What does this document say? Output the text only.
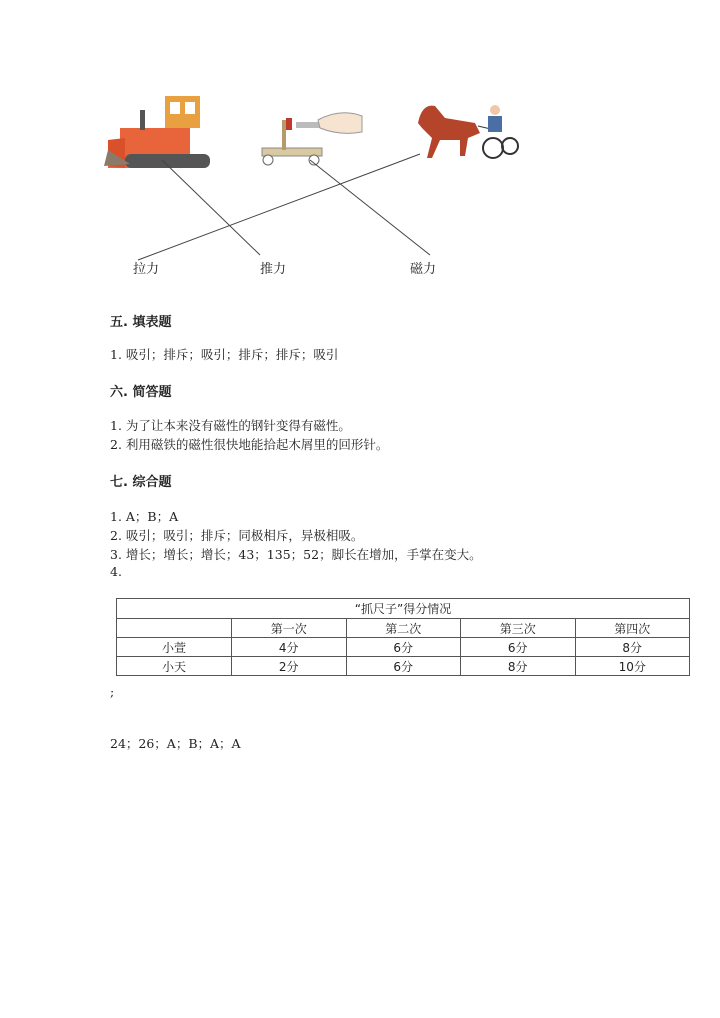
拉力	推力	磁力
五. 填表题
1. 吸引；排斥；吸引；排斥；排斥；吸引
六. 简答题
1. 为了让本来没有磁性的钢针变得有磁性。
2. 利用磁铁的磁性很快地能拾起木屑里的回形针。
七. 综合题
1. A；B；A
2. 吸引；吸引；排斥；同极相斥，异极相吸。
3. 增长；增长；增长；43；135；52；脚长在增加，手掌在变大。
4.
“抓尺子”得分情况				
	第一次	第二次	第三次	第四次
小萱	4分	6分	6分	8分
小天	2分	6分	8分	10分
;
24；26；A；B；A；A
